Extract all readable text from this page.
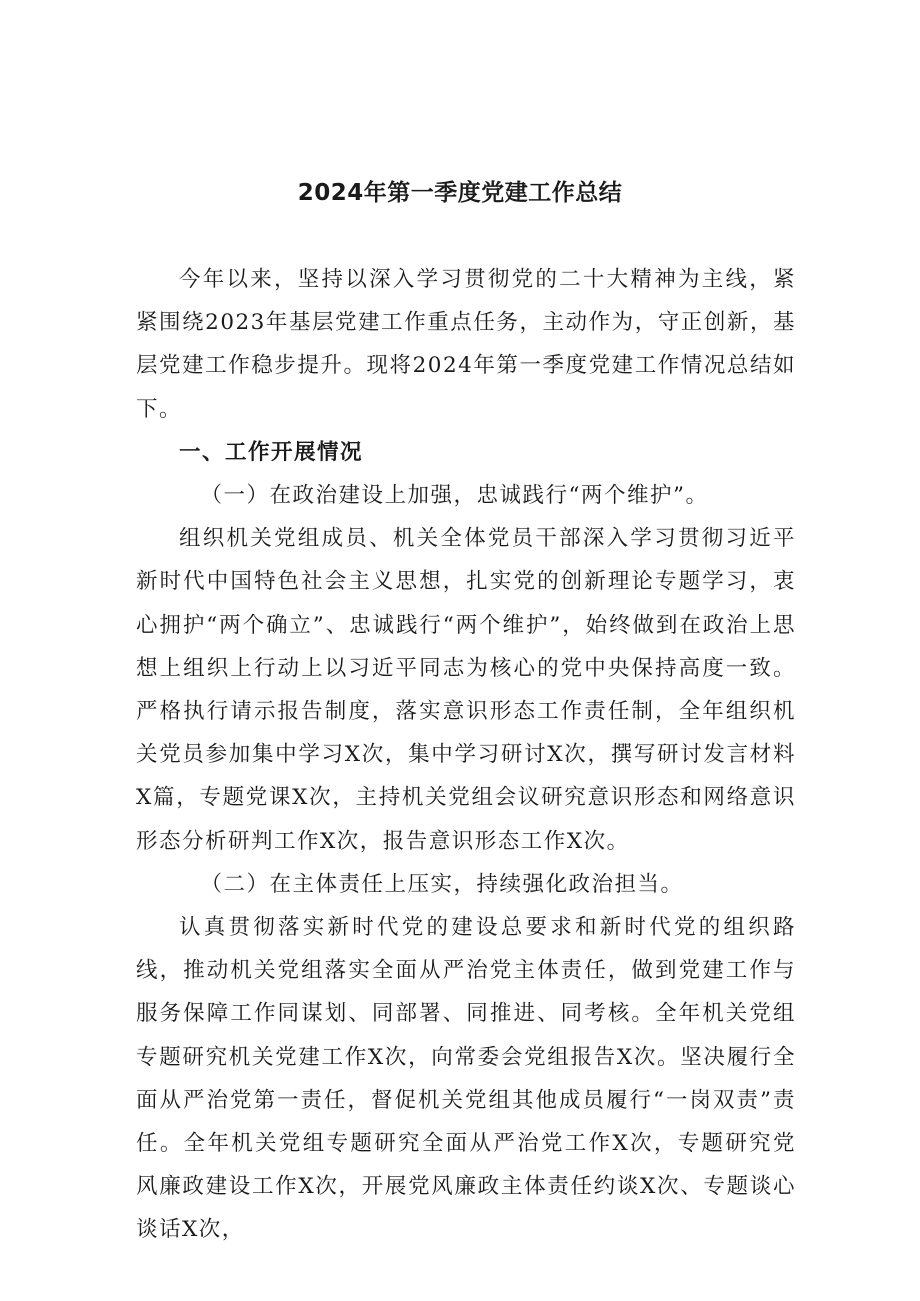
2024年第一季度党建工作总结

今年以来，坚持以深入学习贯彻党的二十大精神为主线，紧紧围绕2023年基层党建工作重点任务，主动作为，守正创新，基层党建工作稳步提升。现将2024年第一季度党建工作情况总结如下。

一、工作开展情况

（一）在政治建设上加强，忠诚践行“两个维护”。

组织机关党组成员、机关全体党员干部深入学习贯彻习近平新时代中国特色社会主义思想，扎实党的创新理论专题学习，衷心拥护“两个确立”、忠诚践行“两个维护”，始终做到在政治上思想上组织上行动上以习近平同志为核心的党中央保持高度一致。严格执行请示报告制度，落实意识形态工作责任制，全年组织机关党员参加集中学习X次，集中学习研讨X次，撰写研讨发言材料X篇，专题党课X次，主持机关党组会议研究意识形态和网络意识形态分析研判工作X次，报告意识形态工作X次。

（二）在主体责任上压实，持续强化政治担当。

认真贯彻落实新时代党的建设总要求和新时代党的组织路线，推动机关党组落实全面从严治党主体责任，做到党建工作与服务保障工作同谋划、同部署、同推进、同考核。全年机关党组专题研究机关党建工作X次，向常委会党组报告X次。坚决履行全面从严治党第一责任，督促机关党组其他成员履行“一岗双责”责任。全年机关党组专题研究全面从严治党工作X次，专题研究党风廉政建设工作X次，开展党风廉政主体责任约谈X次、专题谈心谈话X次，
